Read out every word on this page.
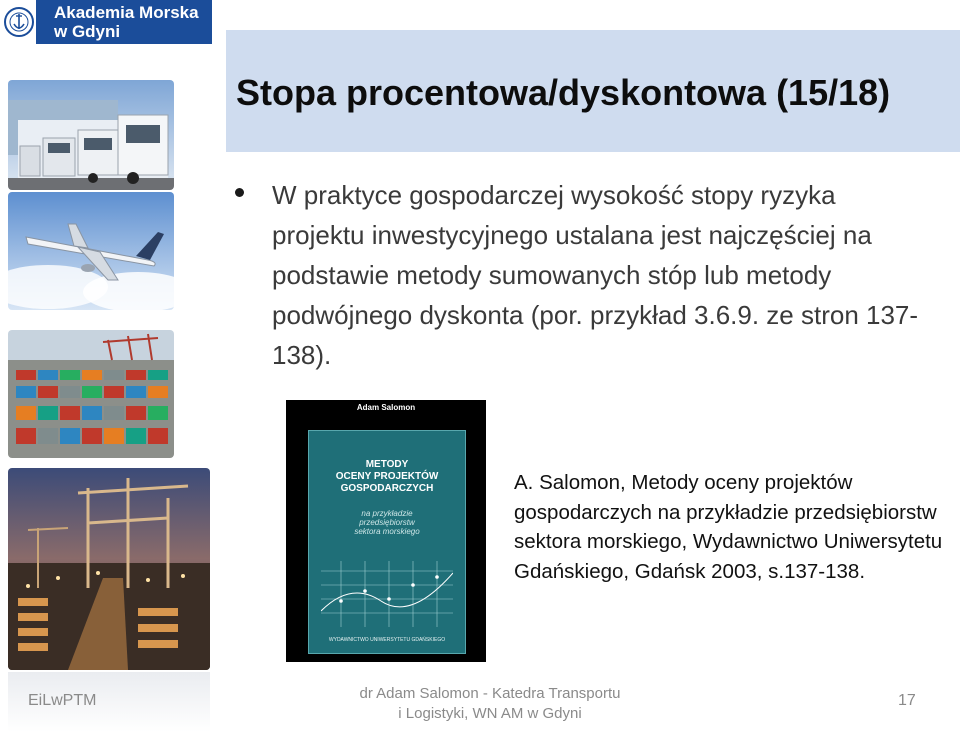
Akademia Morska
w Gdyni
Stopa procentowa/dyskontowa (15/18)

W praktyce gospodarczej wysokość stopy ryzyka projektu inwestycyjnego ustalana jest najczęściej na podstawie metody sumowanych stóp lub metody podwójnego dyskonta (por. przykład 3.6.9. ze stron 137-138).

Adam Salomon
METODY
OCENY PROJEKTÓW
GOSPODARCZYCH
na przykładzie
przedsiębiorstw
sektora morskiego
WYDAWNICTWO UNIWERSYTETU GDAŃSKIEGO

A. Salomon, Metody oceny projektów gospodarczych na przykładzie przedsiębiorstw sektora morskiego, Wydawnictwo Uniwersytetu Gdańskiego, Gdańsk 2003, s.137-138.

EiLwPTM	dr Adam Salomon - Katedra Transportu
i Logistyki, WN AM w Gdyni
17
